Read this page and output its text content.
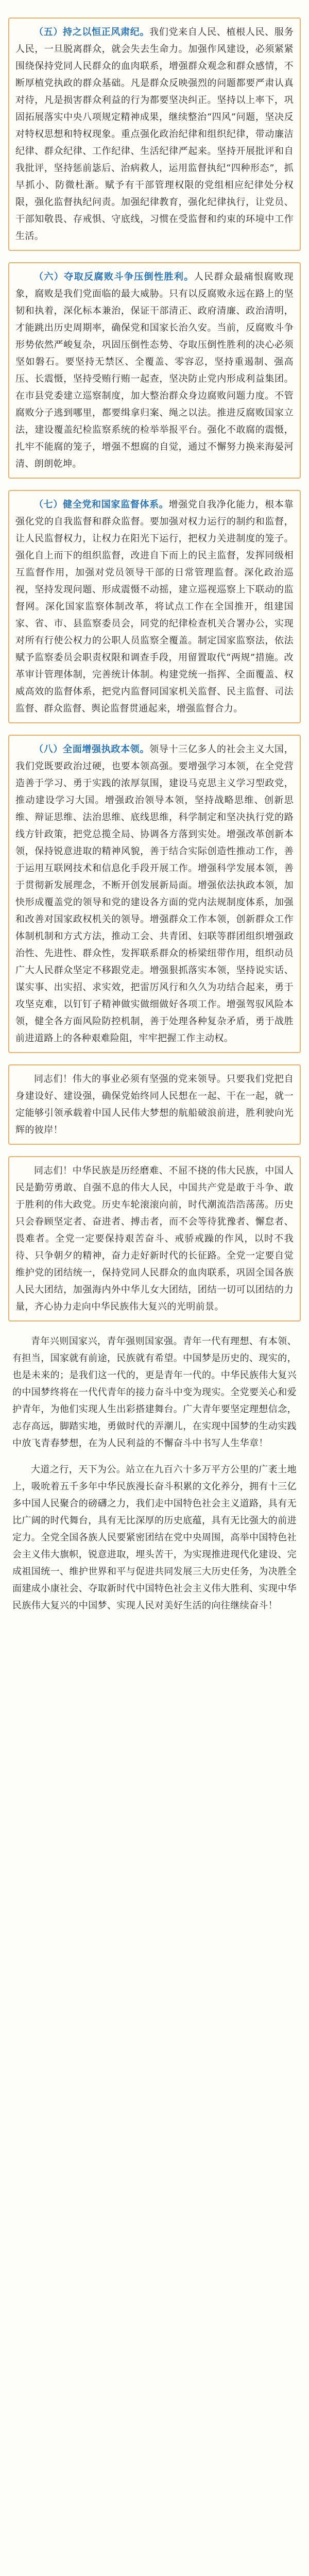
（五）持之以恒正风肃纪。我们党来自人民、植根人民、服务人民，一旦脱离群众，就会失去生命力。加强作风建设，必须紧紧围绕保持党同人民群众的血肉联系，增强群众观念和群众感情，不断厚植党执政的群众基础。凡是群众反映强烈的问题都要严肃认真对待，凡是损害群众利益的行为都要坚决纠正。坚持以上率下，巩固拓展落实中央八项规定精神成果，继续整治“四风”问题，坚决反对特权思想和特权现象。重点强化政治纪律和组织纪律，带动廉洁纪律、群众纪律、工作纪律、生活纪律严起来。坚持开展批评和自我批评，坚持惩前毖后、治病救人，运用监督执纪“四种形态”，抓早抓小、防微杜渐。赋予有干部管理权限的党组相应纪律处分权限，强化监督执纪问责。加强纪律教育，强化纪律执行，让党员、干部知敬畏、存戒惧、守底线，习惯在受监督和约束的环境中工作生活。

（六）夺取反腐败斗争压倒性胜利。人民群众最痛恨腐败现象，腐败是我们党面临的最大威胁。只有以反腐败永远在路上的坚韧和执着，深化标本兼治，保证干部清正、政府清廉、政治清明，才能跳出历史周期率，确保党和国家长治久安。当前，反腐败斗争形势依然严峻复杂，巩固压倒性态势、夺取压倒性胜利的决心必须坚如磐石。要坚持无禁区、全覆盖、零容忍，坚持重遏制、强高压、长震慑，坚持受贿行贿一起查，坚决防止党内形成利益集团。在市县党委建立巡察制度，加大整治群众身边腐败问题力度。不管腐败分子逃到哪里，都要缉拿归案、绳之以法。推进反腐败国家立法，建设覆盖纪检监察系统的检举举报平台。强化不敢腐的震慑，扎牢不能腐的笼子，增强不想腐的自觉，通过不懈努力换来海晏河清、朗朗乾坤。

（七）健全党和国家监督体系。增强党自我净化能力，根本靠强化党的自我监督和群众监督。要加强对权力运行的制约和监督，让人民监督权力，让权力在阳光下运行，把权力关进制度的笼子。强化自上而下的组织监督，改进自下而上的民主监督，发挥同级相互监督作用，加强对党员领导干部的日常管理监督。深化政治巡视，坚持发现问题、形成震慑不动摇，建立巡视巡察上下联动的监督网。深化国家监察体制改革，将试点工作在全国推开，组建国家、省、市、县监察委员会，同党的纪律检查机关合署办公，实现对所有行使公权力的公职人员监察全覆盖。制定国家监察法，依法赋予监察委员会职责权限和调查手段，用留置取代“两规”措施。改革审计管理体制，完善统计体制。构建党统一指挥、全面覆盖、权威高效的监督体系，把党内监督同国家机关监督、民主监督、司法监督、群众监督、舆论监督贯通起来，增强监督合力。

（八）全面增强执政本领。领导十三亿多人的社会主义大国，我们党既要政治过硬，也要本领高强。要增强学习本领，在全党营造善于学习、勇于实践的浓厚氛围，建设马克思主义学习型政党，推动建设学习大国。增强政治领导本领，坚持战略思维、创新思维、辩证思维、法治思维、底线思维，科学制定和坚决执行党的路线方针政策，把党总揽全局、协调各方落到实处。增强改革创新本领，保持锐意进取的精神风貌，善于结合实际创造性推动工作，善于运用互联网技术和信息化手段开展工作。增强科学发展本领，善于贯彻新发展理念，不断开创发展新局面。增强依法执政本领，加快形成覆盖党的领导和党的建设各方面的党内法规制度体系，加强和改善对国家政权机关的领导。增强群众工作本领，创新群众工作体制机制和方式方法，推动工会、共青团、妇联等群团组织增强政治性、先进性、群众性，发挥联系群众的桥梁纽带作用，组织动员广大人民群众坚定不移跟党走。增强狠抓落实本领，坚持说实话、谋实事、出实招、求实效，把雷厉风行和久久为功结合起来，勇于攻坚克难，以钉钉子精神做实做细做好各项工作。增强驾驭风险本领，健全各方面风险防控机制，善于处理各种复杂矛盾，勇于战胜前进道路上的各种艰难险阻，牢牢把握工作主动权。

同志们！伟大的事业必须有坚强的党来领导。只要我们党把自身建设好、建设强，确保党始终同人民想在一起、干在一起，就一定能够引领承载着中国人民伟大梦想的航船破浪前进，胜利驶向光辉的彼岸！

同志们！中华民族是历经磨难、不屈不挠的伟大民族，中国人民是勤劳勇敢、自强不息的伟大人民，中国共产党是敢于斗争、敢于胜利的伟大政党。历史车轮滚滚向前，时代潮流浩浩荡荡。历史只会眷顾坚定者、奋进者、搏击者，而不会等待犹豫者、懈怠者、畏难者。全党一定要保持艰苦奋斗、戒骄戒躁的作风，以时不我待、只争朝夕的精神，奋力走好新时代的长征路。全党一定要自觉维护党的团结统一，保持党同人民群众的血肉联系，巩固全国各族人民大团结，加强海内外中华儿女大团结，团结一切可以团结的力量，齐心协力走向中华民族伟大复兴的光明前景。

青年兴则国家兴，青年强则国家强。青年一代有理想、有本领、有担当，国家就有前途，民族就有希望。中国梦是历史的、现实的，也是未来的；是我们这一代的，更是青年一代的。中华民族伟大复兴的中国梦终将在一代代青年的接力奋斗中变为现实。全党要关心和爱护青年，为他们实现人生出彩搭建舞台。广大青年要坚定理想信念，志存高远，脚踏实地，勇做时代的弄潮儿，在实现中国梦的生动实践中放飞青春梦想，在为人民利益的不懈奋斗中书写人生华章！

大道之行，天下为公。站立在九百六十多万平方公里的广袤土地上，吸吮着五千多年中华民族漫长奋斗积累的文化养分，拥有十三亿多中国人民聚合的磅礴之力，我们走中国特色社会主义道路，具有无比广阔的时代舞台，具有无比深厚的历史底蕴，具有无比强大的前进定力。全党全国各族人民要紧密团结在党中央周围，高举中国特色社会主义伟大旗帜，锐意进取，埋头苦干，为实现推进现代化建设、完成祖国统一、维护世界和平与促进共同发展三大历史任务，为决胜全面建成小康社会、夺取新时代中国特色社会主义伟大胜利、实现中华民族伟大复兴的中国梦、实现人民对美好生活的向往继续奋斗！
